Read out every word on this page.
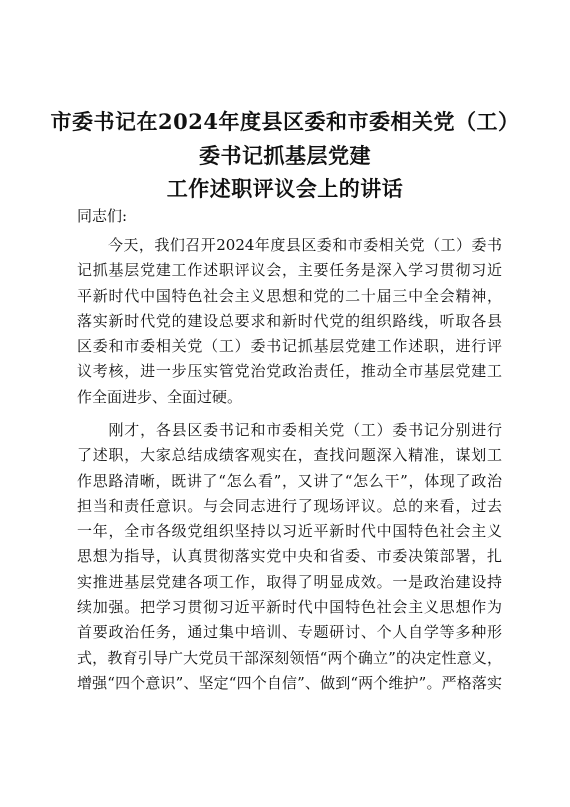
市委书记在2024年度县区委和市委相关党（工）
委书记抓基层党建
工作述职评议会上的讲话
同志们:
　　今天，我们召开2024年度县区委和市委相关党（工）委书
记抓基层党建工作述职评议会，主要任务是深入学习贯彻习近
平新时代中国特色社会主义思想和党的二十届三中全会精神，
落实新时代党的建设总要求和新时代党的组织路线，听取各县
区委和市委相关党（工）委书记抓基层党建工作述职，进行评
议考核，进一步压实管党治党政治责任，推动全市基层党建工
作全面进步、全面过硬。
　　刚才，各县区委书记和市委相关党（工）委书记分别进行
了述职，大家总结成绩客观实在，查找问题深入精准，谋划工
作思路清晰，既讲了“怎么看”，又讲了“怎么干”，体现了政治
担当和责任意识。与会同志进行了现场评议。总的来看，过去
一年，全市各级党组织坚持以习近平新时代中国特色社会主义
思想为指导，认真贯彻落实党中央和省委、市委决策部署，扎
实推进基层党建各项工作，取得了明显成效。一是政治建设持
续加强。把学习贯彻习近平新时代中国特色社会主义思想作为
首要政治任务，通过集中培训、专题研讨、个人自学等多种形
式，教育引导广大党员干部深刻领悟“两个确立”的决定性意义，
增强“四个意识”、坚定“四个自信”、做到“两个维护”。严格落实
